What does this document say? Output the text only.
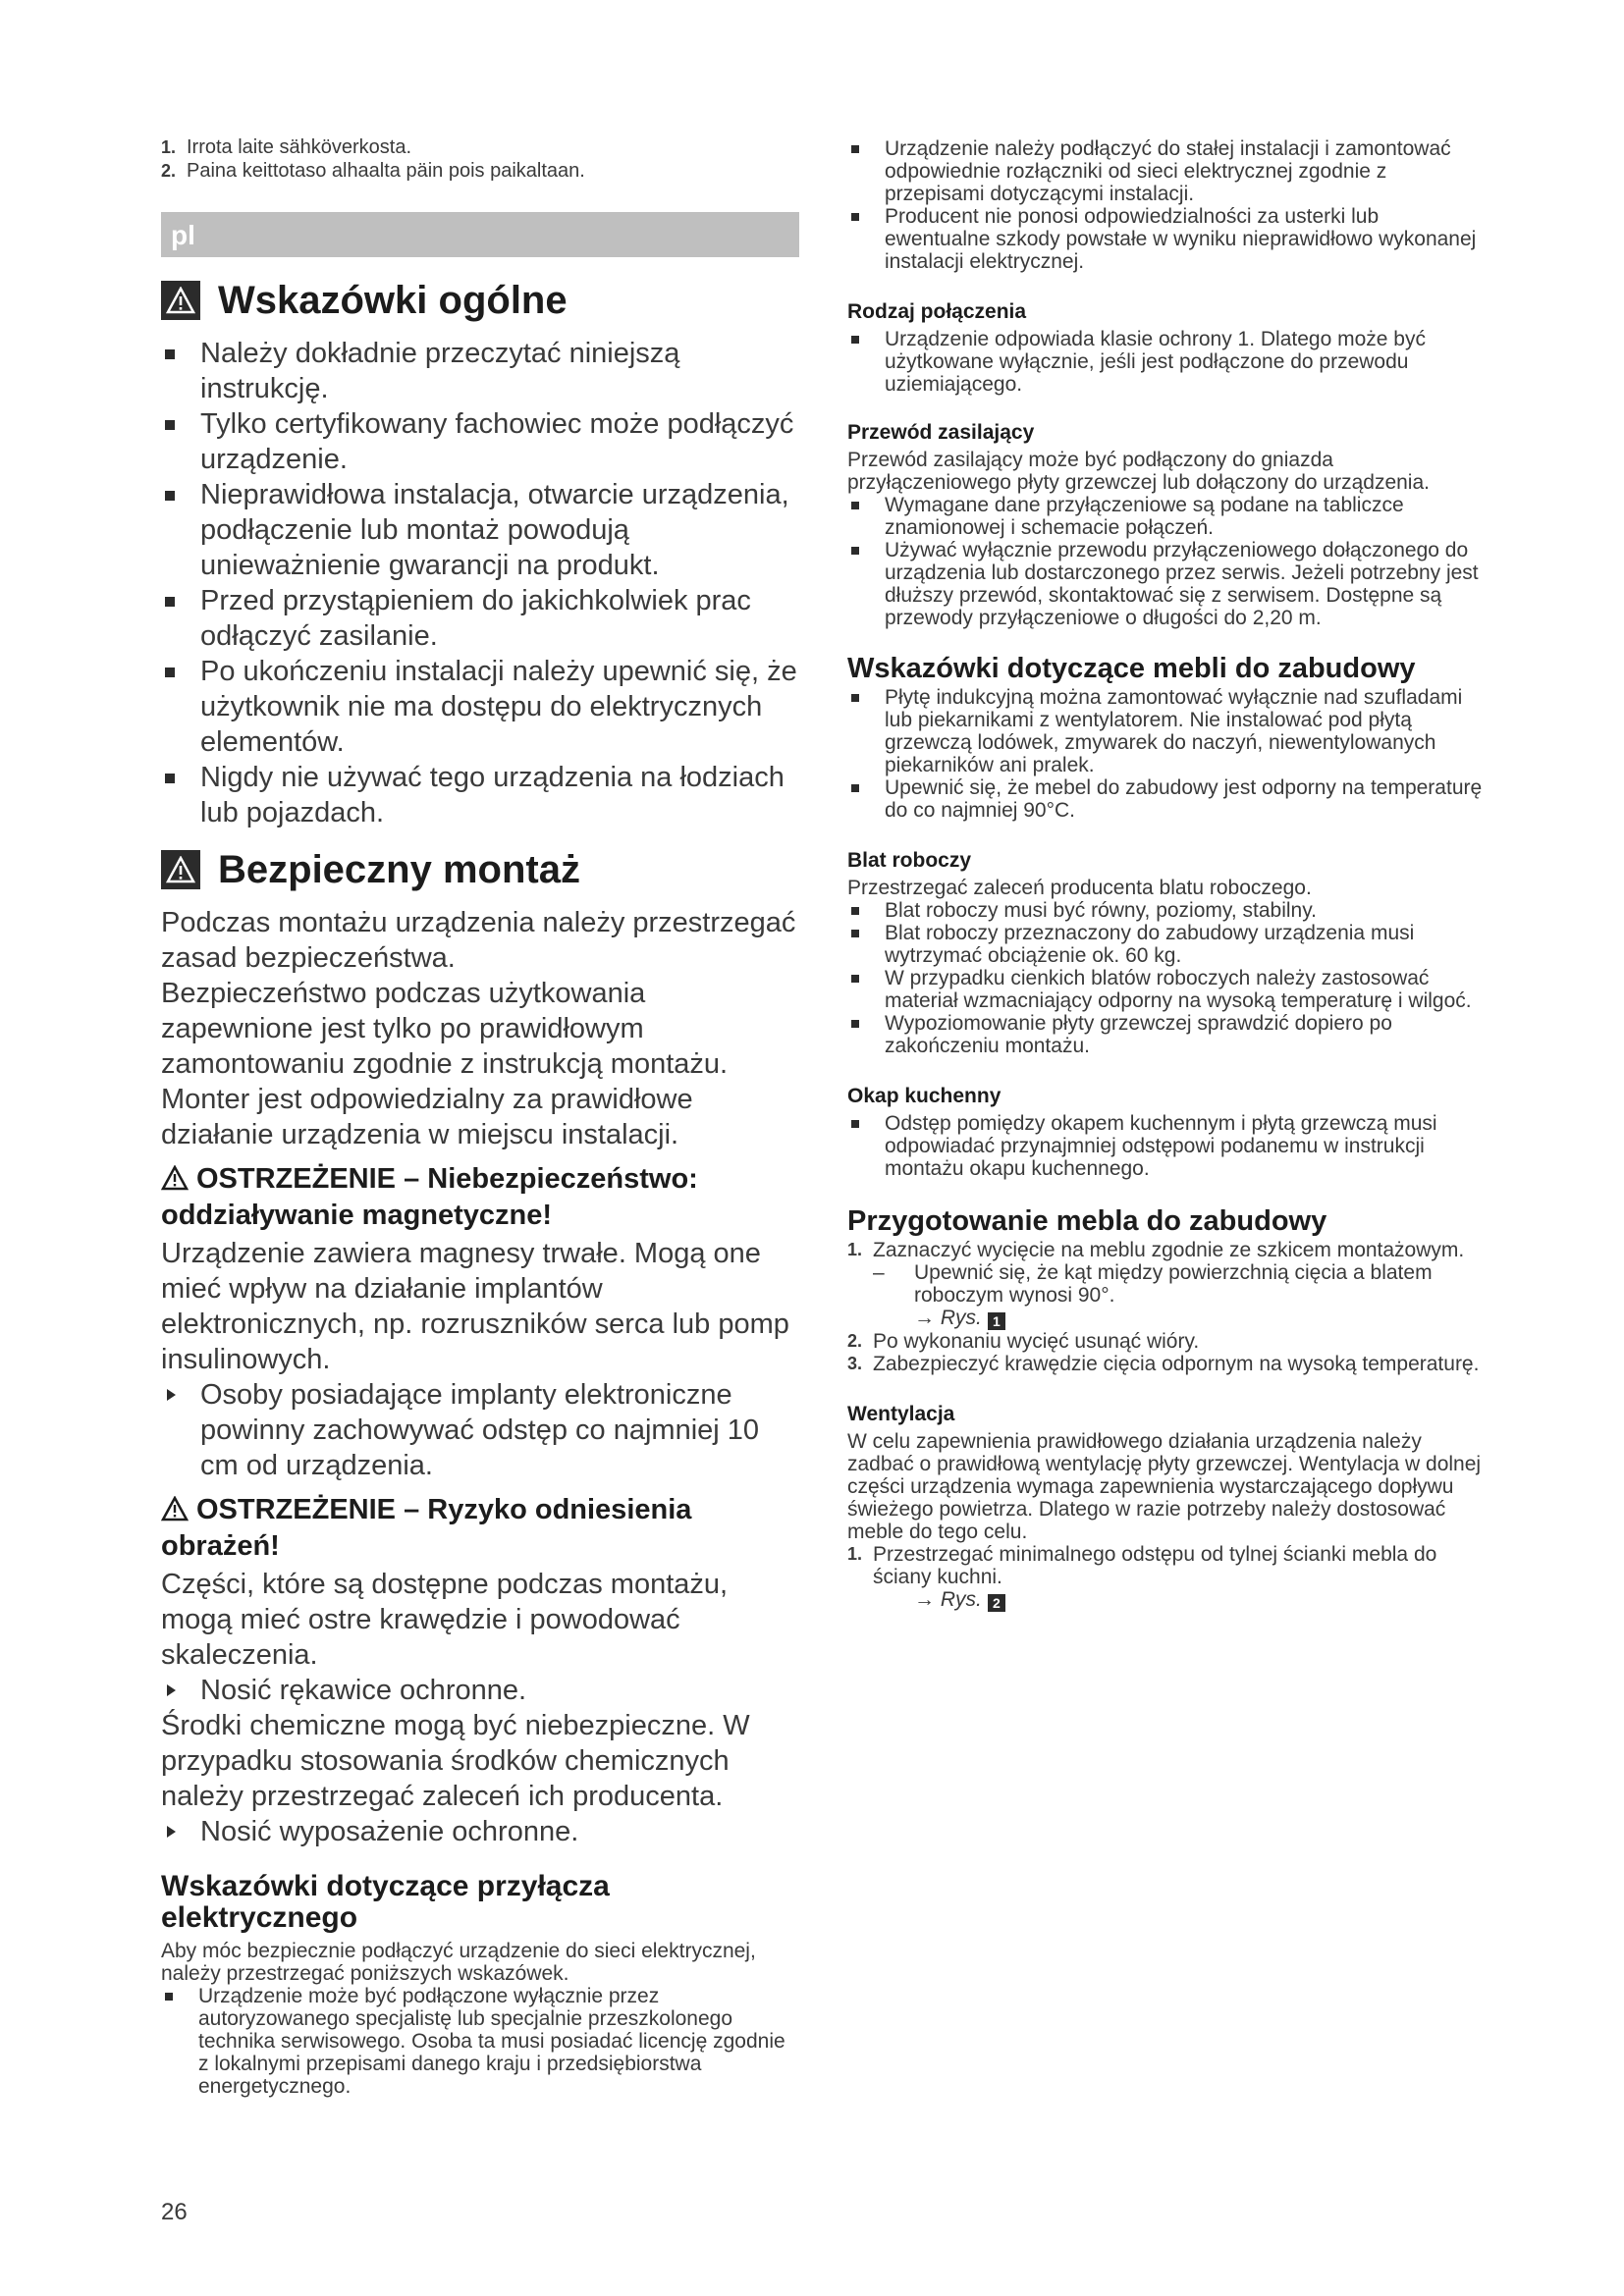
1. Irrota laite sähköverkosta.
2. Paina keittotaso alhaalta päin pois paikaltaan.
pl
Wskazówki ogólne
Należy dokładnie przeczytać niniejszą instrukcję.
Tylko certyfikowany fachowiec może podłączyć urządzenie.
Nieprawidłowa instalacja, otwarcie urządzenia, podłączenie lub montaż powodują unieważnienie gwarancji na produkt.
Przed przystąpieniem do jakichkolwiek prac odłączyć zasilanie.
Po ukończeniu instalacji należy upewnić się, że użytkownik nie ma dostępu do elektrycznych elementów.
Nigdy nie używać tego urządzenia na łodziach lub pojazdach.
Bezpieczny montaż

Podczas montażu urządzenia należy przestrzegać zasad bezpieczeństwa.

Bezpieczeństwo podczas użytkowania zapewnione jest tylko po prawidłowym zamontowaniu zgodnie z instrukcją montażu. Monter jest odpowiedzialny za prawidłowe działanie urządzenia w miejscu instalacji.

OSTRZEŻENIE – Niebezpieczeństwo: oddziaływanie magnetyczne!

Urządzenie zawiera magnesy trwałe. Mogą one mieć wpływ na działanie implantów elektronicznych, np. rozruszników serca lub pomp insulinowych.

Osoby posiadające implanty elektroniczne powinny zachowywać odstęp co najmniej 10 cm od urządzenia.
OSTRZEŻENIE – Ryzyko odniesienia obrażeń!

Części, które są dostępne podczas montażu, mogą mieć ostre krawędzie i powodować skaleczenia.

Nosić rękawice ochronne.

Środki chemiczne mogą być niebezpieczne. W przypadku stosowania środków chemicznych należy przestrzegać zaleceń ich producenta.

Nosić wyposażenie ochronne.
Wskazówki dotyczące przyłącza elektrycznego

Aby móc bezpiecznie podłączyć urządzenie do sieci elektrycznej, należy przestrzegać poniższych wskazówek.

Urządzenie może być podłączone wyłącznie przez autoryzowanego specjalistę lub specjalnie przeszkolonego technika serwisowego. Osoba ta musi posiadać licencję zgodnie z lokalnymi przepisami danego kraju i przedsiębiorstwa energetycznego.
Urządzenie należy podłączyć do stałej instalacji i zamontować odpowiednie rozłączniki od sieci elektrycznej zgodnie z przepisami dotyczącymi instalacji.
Producent nie ponosi odpowiedzialności za usterki lub ewentualne szkody powstałe w wyniku nieprawidłowo wykonanej instalacji elektrycznej.
Rodzaj połączenia
Urządzenie odpowiada klasie ochrony 1. Dlatego może być użytkowane wyłącznie, jeśli jest podłączone do przewodu uziemiającego.
Przewód zasilający

Przewód zasilający może być podłączony do gniazda przyłączeniowego płyty grzewczej lub dołączony do urządzenia.

Wymagane dane przyłączeniowe są podane na tabliczce znamionowej i schemacie połączeń.
Używać wyłącznie przewodu przyłączeniowego dołączonego do urządzenia lub dostarczonego przez serwis. Jeżeli potrzebny jest dłuższy przewód, skontaktować się z serwisem. Dostępne są przewody przyłączeniowe o długości do 2,20 m.
Wskazówki dotyczące mebli do zabudowy
Płytę indukcyjną można zamontować wyłącznie nad szufladami lub piekarnikami z wentylatorem. Nie instalować pod płytą grzewczą lodówek, zmywarek do naczyń, niewentylowanych piekarników ani pralek.
Upewnić się, że mebel do zabudowy jest odporny na temperaturę do co najmniej 90°C.
Blat roboczy

Przestrzegać zaleceń producenta blatu roboczego.

Blat roboczy musi być równy, poziomy, stabilny.
Blat roboczy przeznaczony do zabudowy urządzenia musi wytrzymać obciążenie ok. 60 kg.
W przypadku cienkich blatów roboczych należy zastosować materiał wzmacniający odporny na wysoką temperaturę i wilgoć.
Wypoziomowanie płyty grzewczej sprawdzić dopiero po zakończeniu montażu.
Okap kuchenny
Odstęp pomiędzy okapem kuchennym i płytą grzewczą musi odpowiadać przynajmniej odstępowi podanemu w instrukcji montażu okapu kuchennego.
Przygotowanie mebla do zabudowy
1. Zaznaczyć wycięcie na meblu zgodnie ze szkicem montażowym.
– Upewnić się, że kąt między powierzchnią cięcia a blatem roboczym wynosi 90°.
→ Rys. 1
2. Po wykonaniu wycięć usunąć wióry.
3. Zabezpieczyć krawędzie cięcia odpornym na wysoką temperaturę.
Wentylacja

W celu zapewnienia prawidłowego działania urządzenia należy zadbać o prawidłową wentylację płyty grzewczej. Wentylacja w dolnej części urządzenia wymaga zapewnienia wystarczającego dopływu świeżego powietrza. Dlatego w razie potrzeby należy dostosować meble do tego celu.

1. Przestrzegać minimalnego odstępu od tylnej ścianki mebla do ściany kuchni.
→ Rys. 2
26
